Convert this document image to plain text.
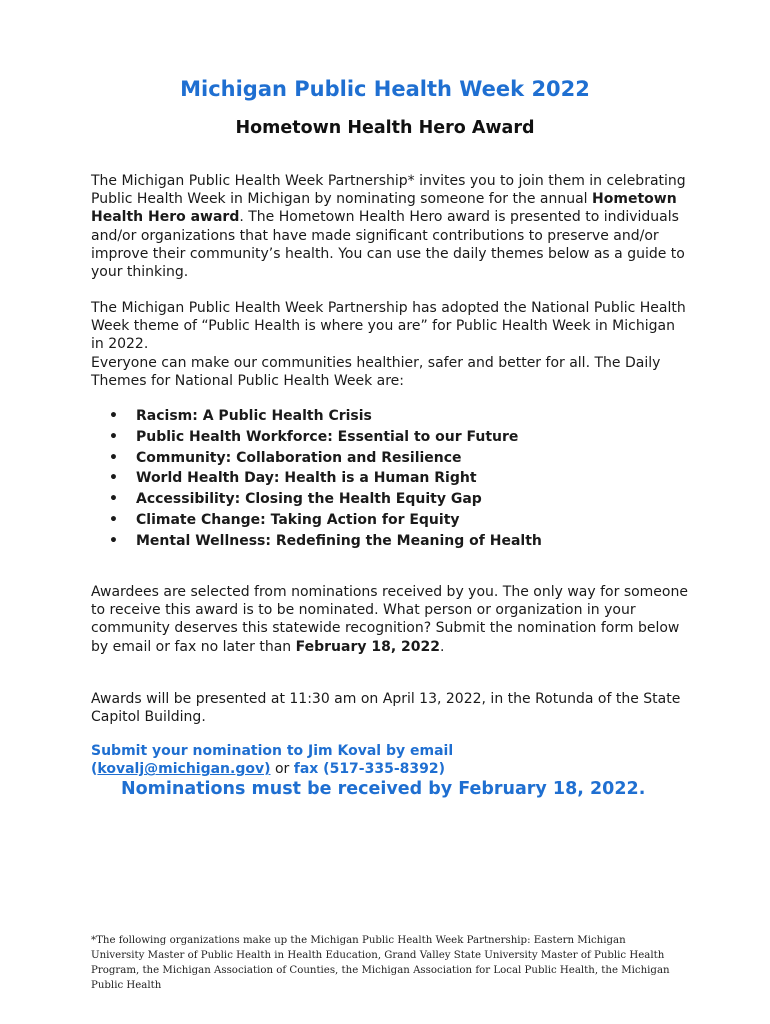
Michigan Public Health Week 2022
Hometown Health Hero Award
The Michigan Public Health Week Partnership* invites you to join them in celebrating Public Health Week in Michigan by nominating someone for the annual Hometown Health Hero award. The Hometown Health Hero award is presented to individuals and/or organizations that have made significant contributions to preserve and/or improve their community’s health. You can use the daily themes below as a guide to your thinking.
The Michigan Public Health Week Partnership has adopted the National Public Health Week theme of “Public Health is where you are” for Public Health Week in Michigan in 2022.
Everyone can make our communities healthier, safer and better for all. The Daily Themes for National Public Health Week are:
• Racism: A Public Health Crisis
• Public Health Workforce: Essential to our Future
• Community: Collaboration and Resilience
• World Health Day: Health is a Human Right
• Accessibility: Closing the Health Equity Gap
• Climate Change: Taking Action for Equity
• Mental Wellness: Redefining the Meaning of Health
Awardees are selected from nominations received by you. The only way for someone to receive this award is to be nominated. What person or organization in your community deserves this statewide recognition? Submit the nomination form below by email or fax no later than February 18, 2022.
Awards will be presented at 11:30 am on April 13, 2022, in the Rotunda of the State Capitol Building.
Submit your nomination to Jim Koval by email
(kovalj@michigan.gov) or fax (517-335-8392)
Nominations must be received by February 18, 2022.
*The following organizations make up the Michigan Public Health Week Partnership: Eastern Michigan University Master of Public Health in Health Education, Grand Valley State University Master of Public Health Program, the Michigan Association of Counties, the Michigan Association for Local Public Health, the Michigan Public Health
